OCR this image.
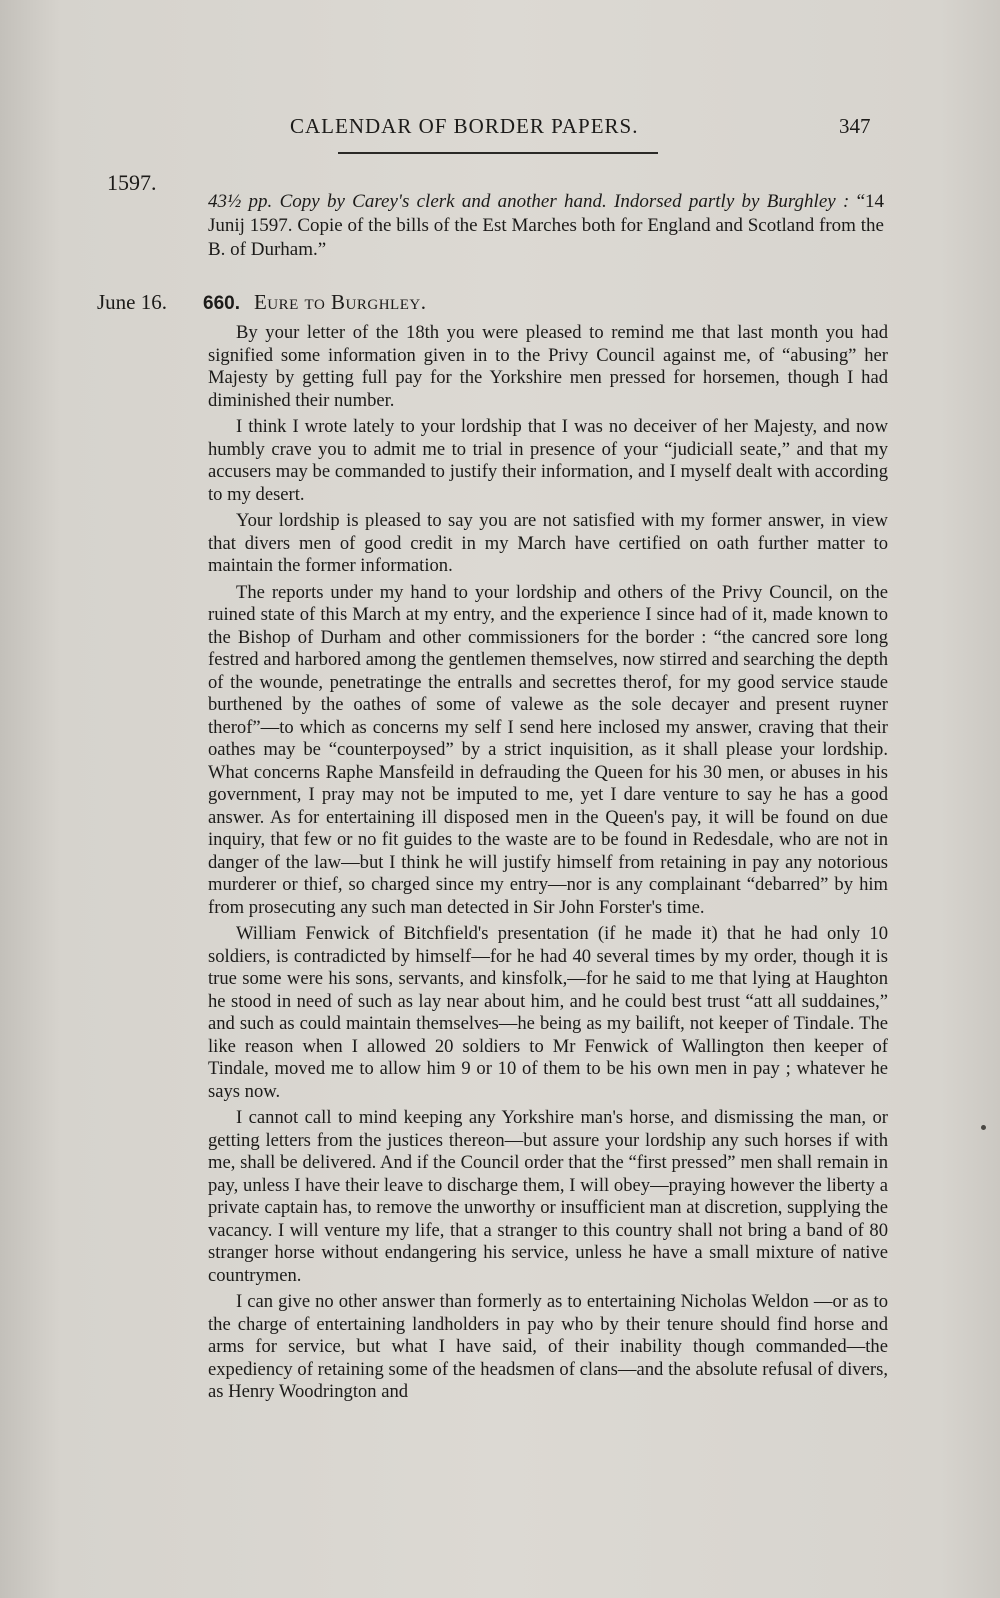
CALENDAR OF BORDER PAPERS.	347
1597.
43½ pp. Copy by Carey's clerk and another hand. Indorsed partly by Burghley : “14 Junij 1597. Copie of the bills of the Est Marches both for England and Scotland from the B. of Durham.”
June 16. 660. Eure to Burghley.

By your letter of the 18th you were pleased to remind me that last month you had signified some information given in to the Privy Council against me, of “abusing” her Majesty by getting full pay for the Yorkshire men pressed for horsemen, though I had diminished their number.

I think I wrote lately to your lordship that I was no deceiver of her Majesty, and now humbly crave you to admit me to trial in presence of your “judiciall seate,” and that my accusers may be commanded to justify their information, and I myself dealt with according to my desert.

Your lordship is pleased to say you are not satisfied with my former answer, in view that divers men of good credit in my March have certified on oath further matter to maintain the former information.

The reports under my hand to your lordship and others of the Privy Council, on the ruined state of this March at my entry, and the experience I since had of it, made known to the Bishop of Durham and other commissioners for the border : “the cancred sore long festred and harbored among the gentlemen themselves, now stirred and searching the depth of the wounde, penetratinge the entralls and secrettes therof, for my good service staude burthened by the oathes of some of valewe as the sole decayer and present ruyner therof”—to which as concerns my self I send here inclosed my answer, craving that their oathes may be “counterpoysed” by a strict inquisition, as it shall please your lordship. What concerns Raphe Mansfeild in defrauding the Queen for his 30 men, or abuses in his government, I pray may not be imputed to me, yet I dare venture to say he has a good answer. As for entertaining ill disposed men in the Queen's pay, it will be found on due inquiry, that few or no fit guides to the waste are to be found in Redesdale, who are not in danger of the law—but I think he will justify himself from retaining in pay any notorious murderer or thief, so charged since my entry—nor is any complainant “debarred” by him from prosecuting any such man detected in Sir John Forster's time.

William Fenwick of Bitchfield's presentation (if he made it) that he had only 10 soldiers, is contradicted by himself—for he had 40 several times by my order, though it is true some were his sons, servants, and kinsfolk,—for he said to me that lying at Haughton he stood in need of such as lay near about him, and he could best trust “att all suddaines,” and such as could maintain themselves—he being as my bailift, not keeper of Tindale. The like reason when I allowed 20 soldiers to Mr Fenwick of Wallington then keeper of Tindale, moved me to allow him 9 or 10 of them to be his own men in pay ; whatever he says now.

I cannot call to mind keeping any Yorkshire man's horse, and dismissing the man, or getting letters from the justices thereon—but assure your lordship any such horses if with me, shall be delivered. And if the Council order that the “first pressed” men shall remain in pay, unless I have their leave to discharge them, I will obey—praying however the liberty a private captain has, to remove the unworthy or insufficient man at discretion, supplying the vacancy. I will venture my life, that a stranger to this country shall not bring a band of 80 stranger horse without endangering his service, unless he have a small mixture of native countrymen.

I can give no other answer than formerly as to entertaining Nicholas Weldon —or as to the charge of entertaining landholders in pay who by their tenure should find horse and arms for service, but what I have said, of their inability though commanded—the expediency of retaining some of the headsmen of clans—and the absolute refusal of divers, as Henry Woodrington and
